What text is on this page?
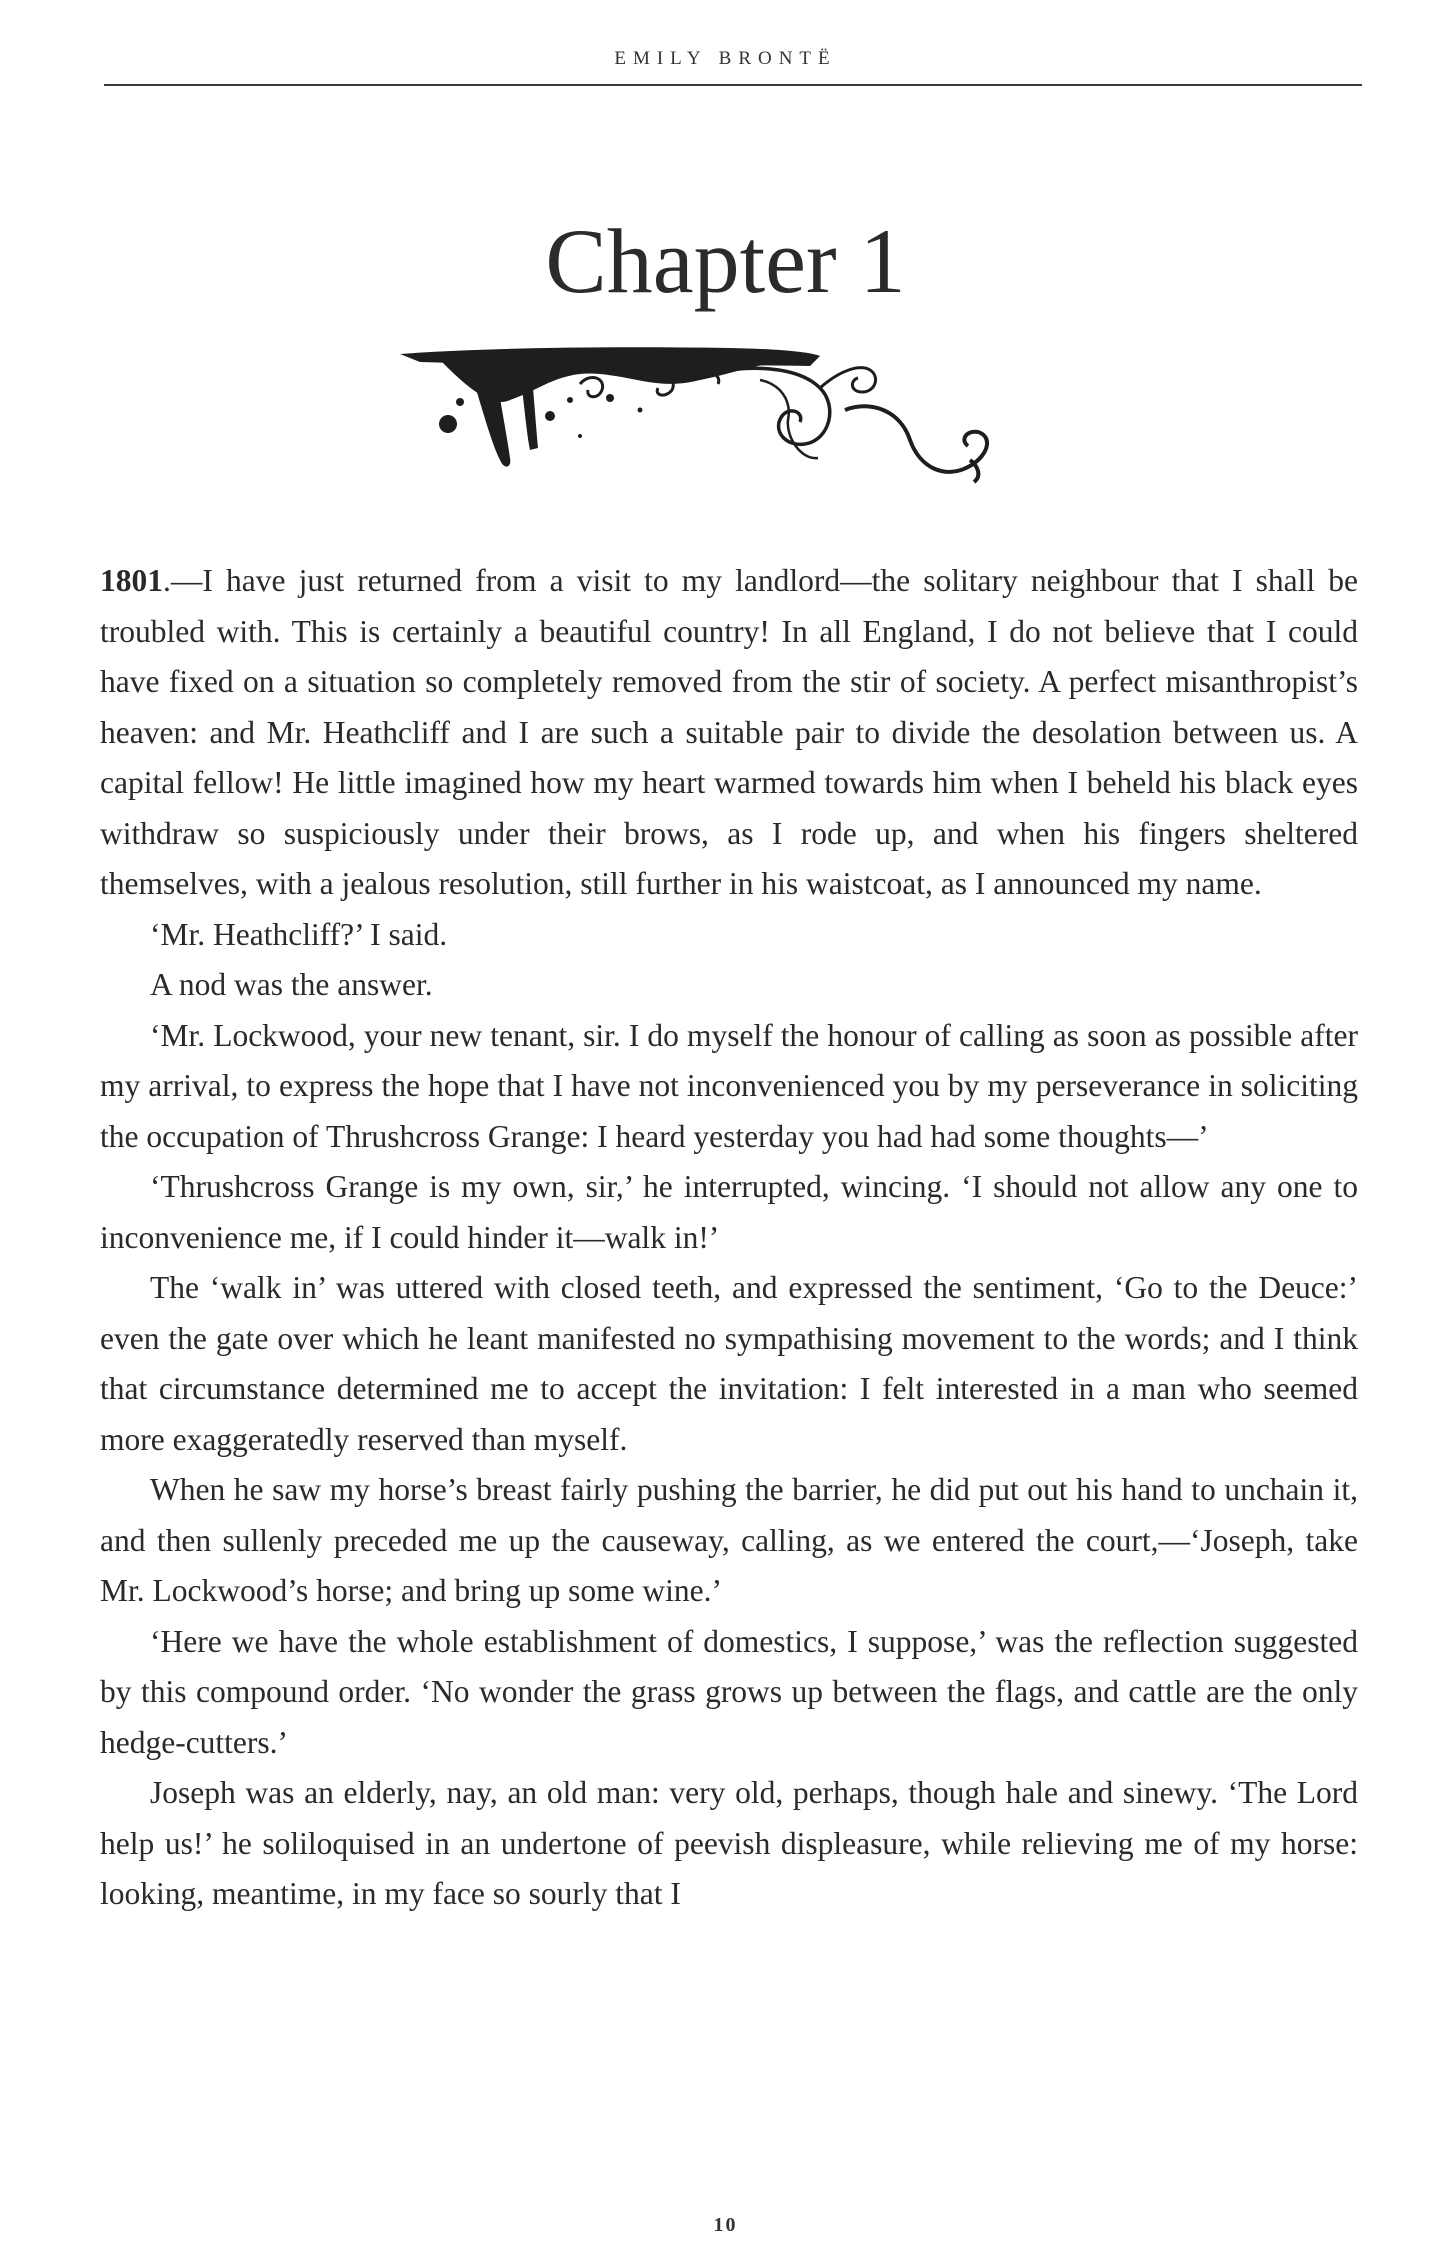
EMILY BRONTË
Chapter 1

1801.—I have just returned from a visit to my landlord—the solitary neighbour that I shall be troubled with. This is certainly a beautiful country! In all England, I do not believe that I could have fixed on a situation so completely removed from the stir of society. A perfect misanthropist’s heaven: and Mr. Heathcliff and I are such a suitable pair to divide the desolation between us. A capital fellow! He little imagined how my heart warmed towards him when I beheld his black eyes withdraw so suspiciously under their brows, as I rode up, and when his fingers sheltered themselves, with a jealous resolution, still further in his waistcoat, as I announced my name.

‘Mr. Heathcliff?’ I said.

A nod was the answer.

‘Mr. Lockwood, your new tenant, sir. I do myself the honour of calling as soon as possible after my arrival, to express the hope that I have not inconvenienced you by my perseverance in soliciting the occupation of Thrushcross Grange: I heard yesterday you had had some thoughts—’

‘Thrushcross Grange is my own, sir,’ he interrupted, wincing. ‘I should not allow any one to inconvenience me, if I could hinder it—walk in!’

The ‘walk in’ was uttered with closed teeth, and expressed the sentiment, ‘Go to the Deuce:’ even the gate over which he leant manifested no sympathising movement to the words; and I think that circumstance determined me to accept the invitation: I felt interested in a man who seemed more exaggeratedly reserved than myself.

When he saw my horse’s breast fairly pushing the barrier, he did put out his hand to unchain it, and then sullenly preceded me up the causeway, calling, as we entered the court,—‘Joseph, take Mr. Lockwood’s horse; and bring up some wine.’

‘Here we have the whole establishment of domestics, I suppose,’ was the reflection suggested by this compound order. ‘No wonder the grass grows up between the flags, and cattle are the only hedge-cutters.’

Joseph was an elderly, nay, an old man: very old, perhaps, though hale and sinewy. ‘The Lord help us!’ he soliloquised in an undertone of peevish displeasure, while relieving me of my horse: looking, meantime, in my face so sourly that I

10
